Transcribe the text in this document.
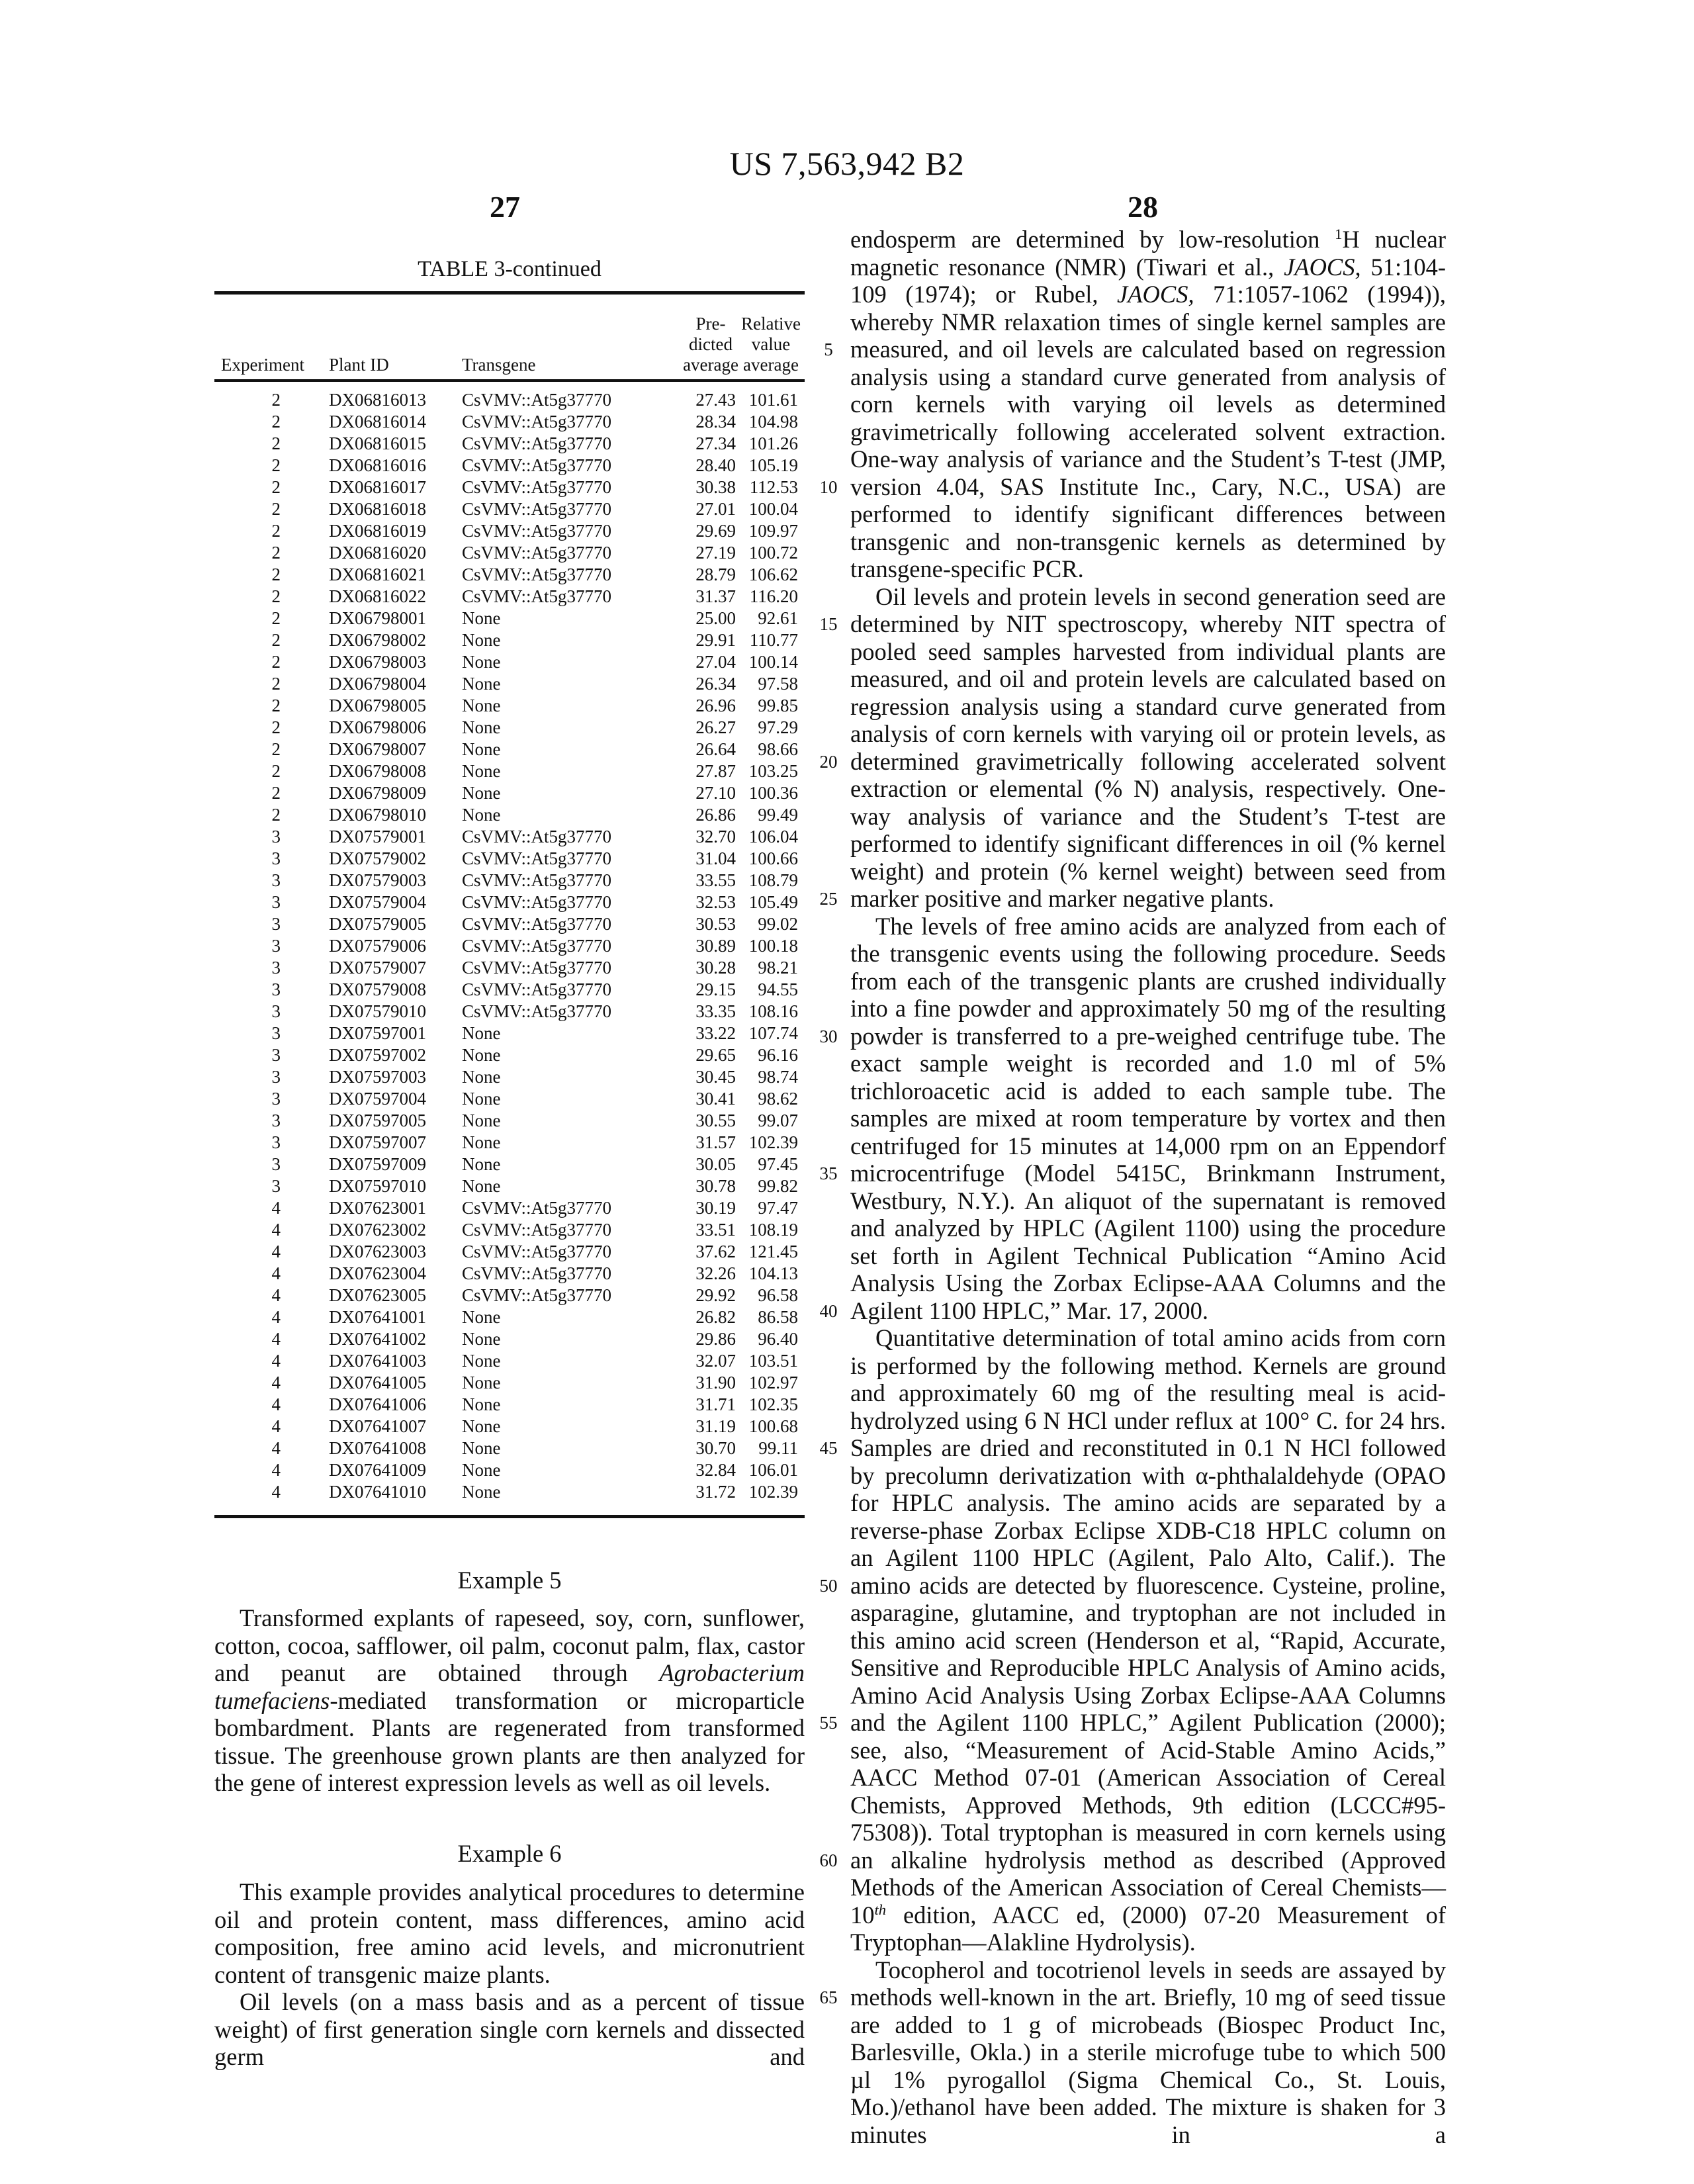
US 7,563,942 B2
27	28
TABLE 3-continued
Experiment Plant ID	Transgene
Pre-
dicted
average
Relative
value
average
2	DX06816013 CsVMV::At5g37770	27.43 101.61
2	DX06816014 CsVMV::At5g37770	28.34 104.98
2	DX06816015 CsVMV::At5g37770	27.34 101.26
2	DX06816016 CsVMV::At5g37770	28.40 105.19
2	DX06816017 CsVMV::At5g37770	30.38 112.53
2	DX06816018 CsVMV::At5g37770	27.01 100.04
2	DX06816019 CsVMV::At5g37770	29.69 109.97
2	DX06816020 CsVMV::At5g37770	27.19 100.72
2	DX06816021 CsVMV::At5g37770	28.79 106.62
2	DX06816022 CsVMV::At5g37770	31.37 116.20
2	DX06798001 None	25.00 92.61
2	DX06798002 None	29.91 110.77
2	DX06798003 None	27.04 100.14
2	DX06798004 None	26.34 97.58
2	DX06798005 None	26.96 99.85
2	DX06798006 None	26.27 97.29
2	DX06798007 None	26.64 98.66
2	DX06798008 None	27.87 103.25
2	DX06798009 None	27.10 100.36
2	DX06798010 None	26.86 99.49
3	DX07579001 CsVMV::At5g37770	32.70 106.04
3	DX07579002 CsVMV::At5g37770	31.04 100.66
3	DX07579003 CsVMV::At5g37770	33.55 108.79
3	DX07579004 CsVMV::At5g37770	32.53 105.49
3	DX07579005 CsVMV::At5g37770	30.53 99.02
3	DX07579006 CsVMV::At5g37770	30.89 100.18
3	DX07579007 CsVMV::At5g37770	30.28 98.21
3	DX07579008 CsVMV::At5g37770	29.15 94.55
3	DX07579010 CsVMV::At5g37770	33.35 108.16
3	DX07597001 None	33.22 107.74
3	DX07597002 None	29.65 96.16
3	DX07597003 None	30.45 98.74
3	DX07597004 None	30.41 98.62
3	DX07597005 None	30.55 99.07
3	DX07597007 None	31.57 102.39
3	DX07597009 None	30.05 97.45
3	DX07597010 None	30.78 99.82
4	DX07623001 CsVMV::At5g37770	30.19 97.47
4	DX07623002 CsVMV::At5g37770	33.51 108.19
4	DX07623003 CsVMV::At5g37770	37.62 121.45
4	DX07623004 CsVMV::At5g37770	32.26 104.13
4	DX07623005 CsVMV::At5g37770	29.92 96.58
4	DX07641001 None	26.82 86.58
4	DX07641002 None	29.86 96.40
4	DX07641003 None	32.07 103.51
4	DX07641005 None	31.90 102.97
4	DX07641006 None	31.71 102.35
4	DX07641007 None	31.19 100.68
4	DX07641008 None	30.70 99.11
4	DX07641009 None	32.84 106.01
4	DX07641010 None	31.72 102.39
Example 5

Transformed explants of rapeseed, soy, corn, sunflower, cotton, cocoa, safflower, oil palm, coconut palm, flax, castor and peanut are obtained through Agrobacterium tumefaciens-mediated transformation or microparticle bombardment. Plants are regenerated from transformed tissue. The greenhouse grown plants are then analyzed for the gene of interest expression levels as well as oil levels.

Example 6

This example provides analytical procedures to determine oil and protein content, mass differences, amino acid composition, free amino acid levels, and micronutrient content of transgenic maize plants.

Oil levels (on a mass basis and as a percent of tissue weight) of first generation single corn kernels and dissected germ and

endosperm are determined by low-resolution 1H nuclear magnetic resonance (NMR) (Tiwari et al., JAOCS, 51:104-109 (1974); or Rubel, JAOCS, 71:1057-1062 (1994)), whereby NMR relaxation times of single kernel samples are measured, and oil levels are calculated based on regression analysis using a standard curve generated from analysis of corn kernels with varying oil levels as determined gravimetrically following accelerated solvent extraction. One-way analysis of variance and the Student’s T-test (JMP, version 4.04, SAS Institute Inc., Cary, N.C., USA) are performed to identify significant differences between transgenic and non-transgenic kernels as determined by transgene-specific PCR.

Oil levels and protein levels in second generation seed are determined by NIT spectroscopy, whereby NIT spectra of pooled seed samples harvested from individual plants are measured, and oil and protein levels are calculated based on regression analysis using a standard curve generated from analysis of corn kernels with varying oil or protein levels, as determined gravimetrically following accelerated solvent extraction or elemental (% N) analysis, respectively. One-way analysis of variance and the Student’s T-test are performed to identify significant differences in oil (% kernel weight) and protein (% kernel weight) between seed from marker positive and marker negative plants.

The levels of free amino acids are analyzed from each of the transgenic events using the following procedure. Seeds from each of the transgenic plants are crushed individually into a fine powder and approximately 50 mg of the resulting powder is transferred to a pre-weighed centrifuge tube. The exact sample weight is recorded and 1.0 ml of 5% trichloroacetic acid is added to each sample tube. The samples are mixed at room temperature by vortex and then centrifuged for 15 minutes at 14,000 rpm on an Eppendorf microcentrifuge (Model 5415C, Brinkmann Instrument, Westbury, N.Y.). An aliquot of the supernatant is removed and analyzed by HPLC (Agilent 1100) using the procedure set forth in Agilent Technical Publication “Amino Acid Analysis Using the Zorbax Eclipse-AAA Columns and the Agilent 1100 HPLC,” Mar. 17, 2000.

Quantitative determination of total amino acids from corn is performed by the following method. Kernels are ground and approximately 60 mg of the resulting meal is acid-hydrolyzed using 6 N HCl under reflux at 100° C. for 24 hrs. Samples are dried and reconstituted in 0.1 N HCl followed by precolumn derivatization with α-phthalaldehyde (OPAO for HPLC analysis. The amino acids are separated by a reverse-phase Zorbax Eclipse XDB-C18 HPLC column on an Agilent 1100 HPLC (Agilent, Palo Alto, Calif.). The amino acids are detected by fluorescence. Cysteine, proline, asparagine, glutamine, and tryptophan are not included in this amino acid screen (Henderson et al, “Rapid, Accurate, Sensitive and Reproducible HPLC Analysis of Amino acids, Amino Acid Analysis Using Zorbax Eclipse-AAA Columns and the Agilent 1100 HPLC,” Agilent Publication (2000); see, also, “Measurement of Acid-Stable Amino Acids,” AACC Method 07-01 (American Association of Cereal Chemists, Approved Methods, 9th edition (LCCC#95-75308)). Total tryptophan is measured in corn kernels using an alkaline hydrolysis method as described (Approved Methods of the American Association of Cereal Chemists—10th edition, AACC ed, (2000) 07-20 Measurement of Tryptophan—Alakline Hydrolysis).

Tocopherol and tocotrienol levels in seeds are assayed by methods well-known in the art. Briefly, 10 mg of seed tissue are added to 1 g of microbeads (Biospec Product Inc, Barlesville, Okla.) in a sterile microfuge tube to which 500 µl 1% pyrogallol (Sigma Chemical Co., St. Louis, Mo.)/ethanol have been added. The mixture is shaken for 3 minutes in a

5
10
15
20
25
30
35
40
45
50
55
60
65
